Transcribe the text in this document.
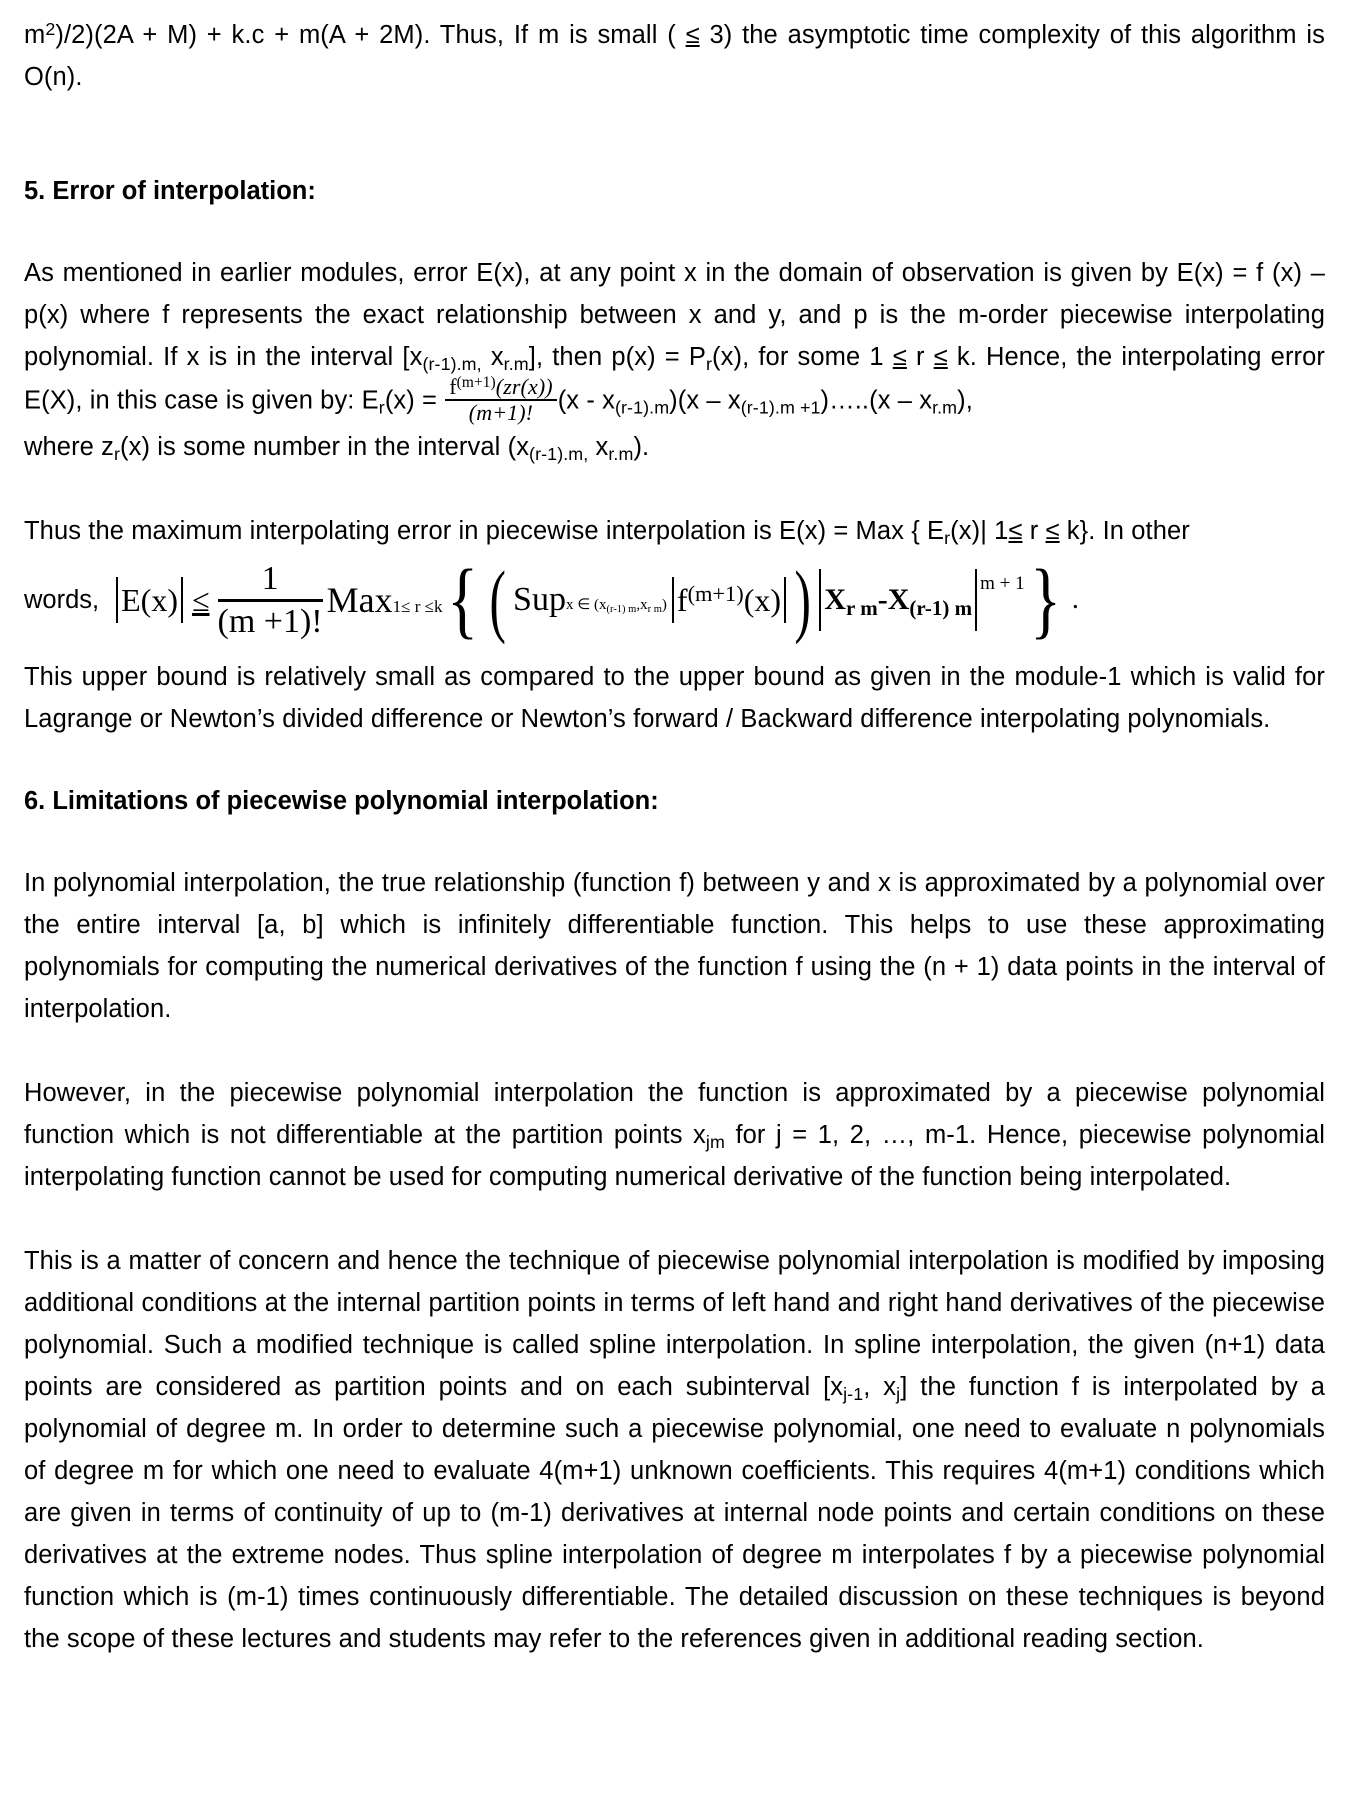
$m^2)/2)(2A + M) + k.c + m(A + 2M)$. Thus, If m is small ( ≤ 3) the asymptotic time complexity of this algorithm is O(n).

5. Error of interpolation:

As mentioned in earlier modules, error E(x), at any point x in the domain of observation is given by E(x) = f (x) – p(x) where f represents the exact relationship between x and y, and p is the m-order piecewise interpolating polynomial. If x is in the interval [$x_{(r-1).m,}$ $x_{r.m}$], then $p(x) = P_r(x)$, for some 1 ≤ r ≤ k. Hence, the interpolating error E(X), in this case is given by: $E_r(x) = \frac{f^{(m+1)}(zr(x))}{(m+1)!} (x - x_{(r-1).m})(x$ – $x_{(r-1).m +1})\dots..(x - x_{r.m})$,

where $z_r(x)$ is some number in the interval ($x_{(r-1).m,}$ $x_{r.m}$).

Thus the maximum interpolating error in piecewise interpolation is E(x) = Max { $E_r(x)|$ 1≤ r ≤ k}. In other

words, $E(x) \le \frac{1}{(m +1)!}$ Max 1≤ r ≤k { ( Sup x ∈ $(x_{(r-1) m},x_{r m})$ $f^{(m+1)}(x)$ ) $X_{r m}-X_{(r-1) m}$
m + 1 } .

This upper bound is relatively small as compared to the upper bound as given in the module-1 which is valid for Lagrange or Newton’s divided difference or Newton’s forward / Backward difference interpolating polynomials.

6. Limitations of piecewise polynomial interpolation:

In polynomial interpolation, the true relationship (function f) between y and x is approximated by a polynomial over the entire interval [a, b] which is infinitely differentiable function. This helps to use these approximating polynomials for computing the numerical derivatives of the function f using the (n + 1) data points in the interval of interpolation.

However, in the piecewise polynomial interpolation the function is approximated by a piecewise polynomial function which is not differentiable at the partition points $x_{jm}$ for j = 1, 2, …, m-1. Hence, piecewise polynomial interpolating function cannot be used for computing numerical derivative of the function being interpolated.

This is a matter of concern and hence the technique of piecewise polynomial interpolation is modified by imposing additional conditions at the internal partition points in terms of left hand and right hand derivatives of the piecewise polynomial. Such a modified technique is called spline interpolation. In spline interpolation, the given (n+1) data points are considered as partition points and on each subinterval [$x_{j-1}$, $x_j$] the function f is interpolated by a polynomial of degree m. In order to determine such a piecewise polynomial, one need to evaluate n polynomials of degree m for which one need to evaluate 4(m+1) unknown coefficients. This requires 4(m+1) conditions which are given in terms of continuity of up to (m-1) derivatives at internal node points and certain conditions on these derivatives at the extreme nodes. Thus spline interpolation of degree m interpolates f by a piecewise polynomial function which is (m-1) times continuously differentiable. The detailed discussion on these techniques is beyond the scope of these lectures and students may refer to the references given in additional reading section.
